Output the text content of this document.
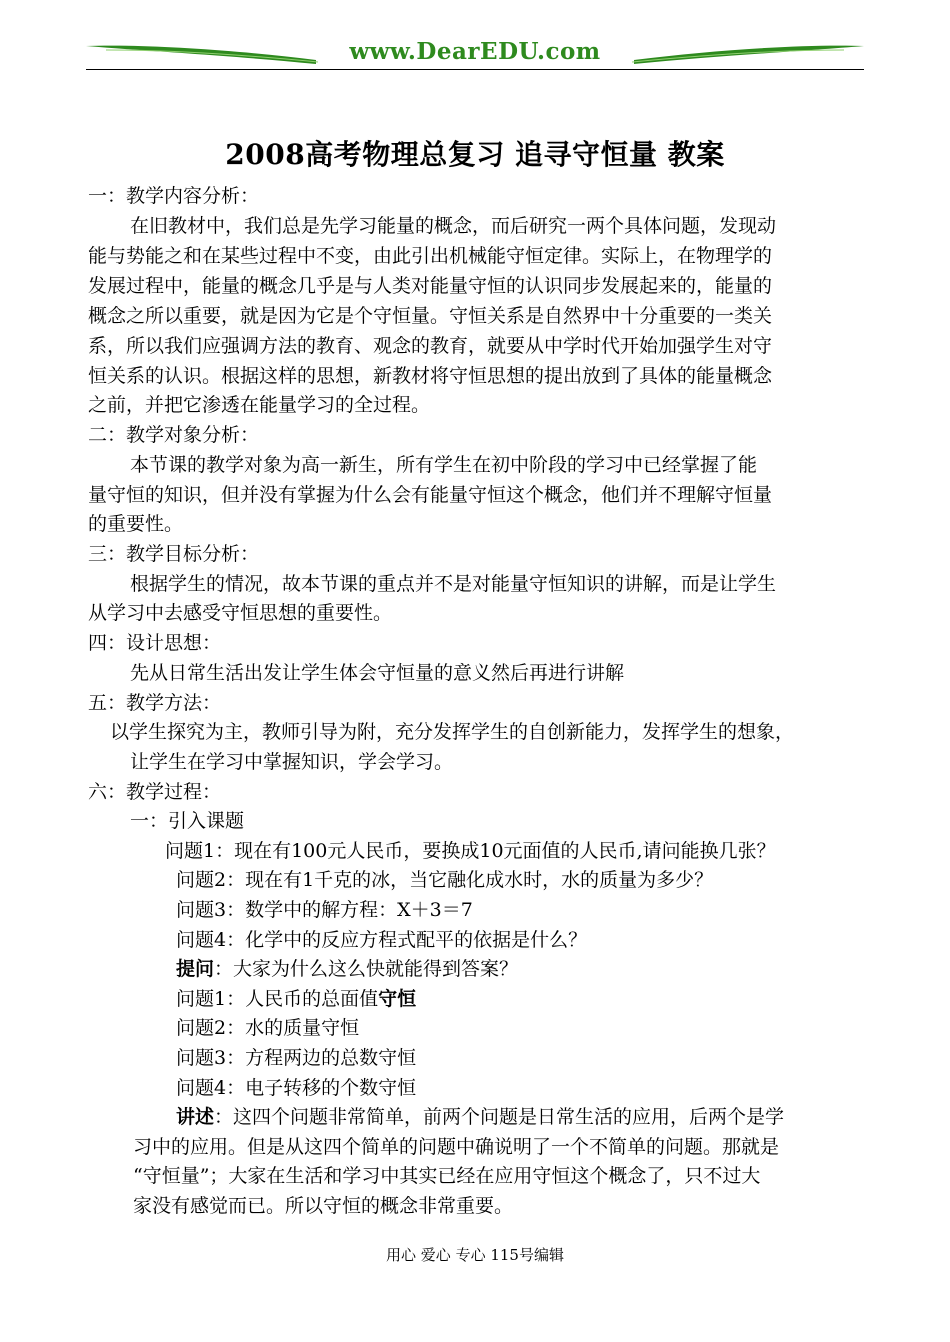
www.DearEDU.com
2008高考物理总复习 追寻守恒量 教案
一：教学内容分析：
在旧教材中，我们总是先学习能量的概念，而后研究一两个具体问题，发现动
能与势能之和在某些过程中不变，由此引出机械能守恒定律。实际上，在物理学的
发展过程中，能量的概念几乎是与人类对能量守恒的认识同步发展起来的，能量的
概念之所以重要，就是因为它是个守恒量。守恒关系是自然界中十分重要的一类关
系，所以我们应强调方法的教育、观念的教育，就要从中学时代开始加强学生对守
恒关系的认识。根据这样的思想，新教材将守恒思想的提出放到了具体的能量概念
之前，并把它渗透在能量学习的全过程。
二：教学对象分析：
本节课的教学对象为高一新生，所有学生在初中阶段的学习中已经掌握了能
量守恒的知识，但并没有掌握为什么会有能量守恒这个概念，他们并不理解守恒量
的重要性。
三：教学目标分析：
根据学生的情况，故本节课的重点并不是对能量守恒知识的讲解，而是让学生
从学习中去感受守恒思想的重要性。
四：设计思想：
先从日常生活出发让学生体会守恒量的意义然后再进行讲解
五：教学方法：
以学生探究为主，教师引导为附，充分发挥学生的自创新能力，发挥学生的想象，
让学生在学习中掌握知识，学会学习。
六：教学过程：
一：引入课题
问题1：现在有100元人民币，要换成10元面值的人民币,请问能换几张？
问题2：现在有1千克的冰，当它融化成水时，水的质量为多少？
问题3：数学中的解方程：X＋3＝7
问题4：化学中的反应方程式配平的依据是什么？
提问：大家为什么这么快就能得到答案？
问题1：人民币的总面值守恒
问题2：水的质量守恒
问题3：方程两边的总数守恒
问题4：电子转移的个数守恒
讲述：这四个问题非常简单，前两个问题是日常生活的应用，后两个是学
习中的应用。但是从这四个简单的问题中确说明了一个不简单的问题。那就是
“守恒量”；大家在生活和学习中其实已经在应用守恒这个概念了，只不过大
家没有感觉而已。所以守恒的概念非常重要。
用心 爱心 专心 115号编辑
